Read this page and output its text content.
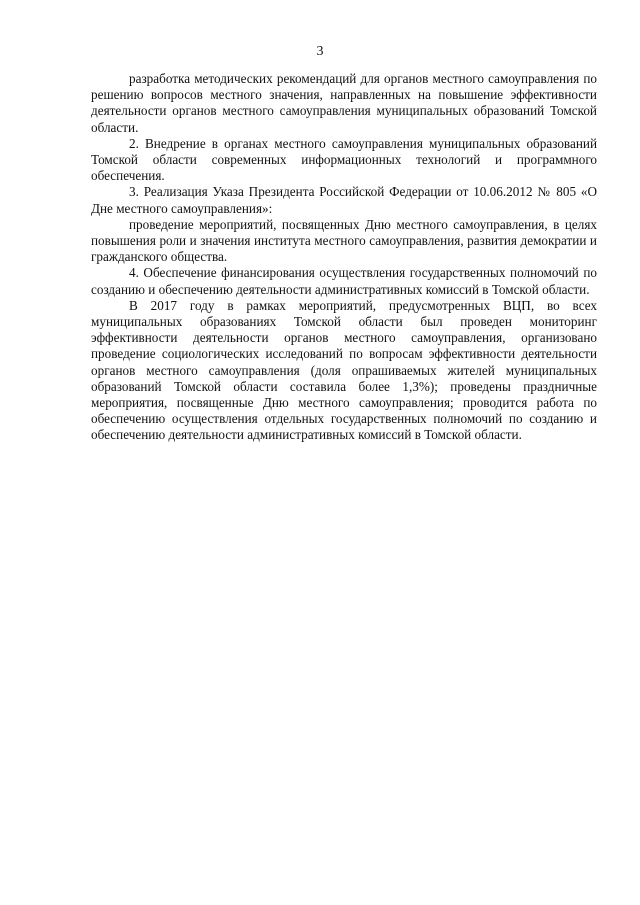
3

разработка методических рекомендаций для органов местного самоуправления по решению вопросов местного значения, направленных на повышение эффективности деятельности органов местного самоуправления муниципальных образований Томской области.

2. Внедрение в органах местного самоуправления муниципальных образований Томской области современных информационных технологий и программного обеспечения.

3. Реализация Указа Президента Российской Федерации от 10.06.2012 № 805 «О Дне местного самоуправления»:

проведение мероприятий, посвященных Дню местного самоуправления, в целях повышения роли и значения института местного самоуправления, развития демократии и гражданского общества.

4. Обеспечение финансирования осуществления государственных полномочий по созданию и обеспечению деятельности административных комиссий в Томской области.

В 2017 году в рамках мероприятий, предусмотренных ВЦП, во всех муниципальных образованиях Томской области был проведен мониторинг эффективности деятельности органов местного самоуправления, организовано проведение социологических исследований по вопросам эффективности деятельности органов местного самоуправления (доля опрашиваемых жителей муниципальных образований Томской области составила более 1,3%); проведены праздничные мероприятия, посвященные Дню местного самоуправления; проводится работа по обеспечению осуществления отдельных государственных полномочий по созданию и обеспечению деятельности административных комиссий в Томской области.
